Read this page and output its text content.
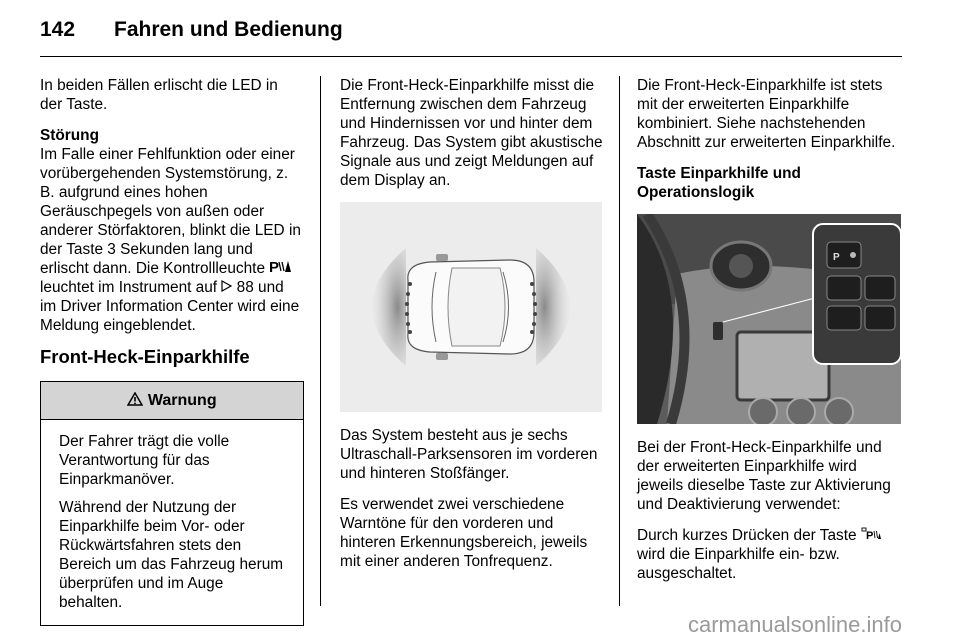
142 Fahren und Bedienung

In beiden Fällen erlischt die LED in der Taste.

Störung
Im Falle einer Fehlfunktion oder einer vorübergehenden Systemstörung, z. B. aufgrund eines hohen Geräuschpegels von außen oder anderer Störfaktoren, blinkt die LED in der Taste 3 Sekunden lang und erlischt dann. Die Kontrollleuchte P
leuchtet im Instrument auf 88 und im Driver Information Center wird eine Meldung eingeblendet.

Front-Heck-Einparkhilfe
Warnung

Der Fahrer trägt die volle Verantwortung für das Einparkmanöver.

Während der Nutzung der Einparkhilfe beim Vor- oder Rückwärtsfahren stets den Bereich um das Fahrzeug herum überprüfen und im Auge behalten.

Die Front-Heck-Einparkhilfe misst die Entfernung zwischen dem Fahrzeug und Hindernissen vor und hinter dem Fahrzeug. Das System gibt akustische Signale aus und zeigt Meldungen auf dem Display an.

Das System besteht aus je sechs Ultraschall-Parksensoren im vorderen und hinteren Stoßfänger.

Es verwendet zwei verschiedene Warntöne für den vorderen und hinteren Erkennungsbereich, jeweils mit einer anderen Tonfrequenz.

Die Front-Heck-Einparkhilfe ist stets mit der erweiterten Einparkhilfe kombiniert. Siehe nachstehenden Abschnitt zur erweiterten Einparkhilfe.

Taste Einparkhilfe und Operationslogik

P

Bei der Front-Heck-Einparkhilfe und der erweiterten Einparkhilfe wird jeweils dieselbe Taste zur Aktivierung und Deaktivierung verwendet:

Durch kurzes Drücken der Taste P
wird die Einparkhilfe ein- bzw. ausgeschaltet.

carmanualsonline.info
